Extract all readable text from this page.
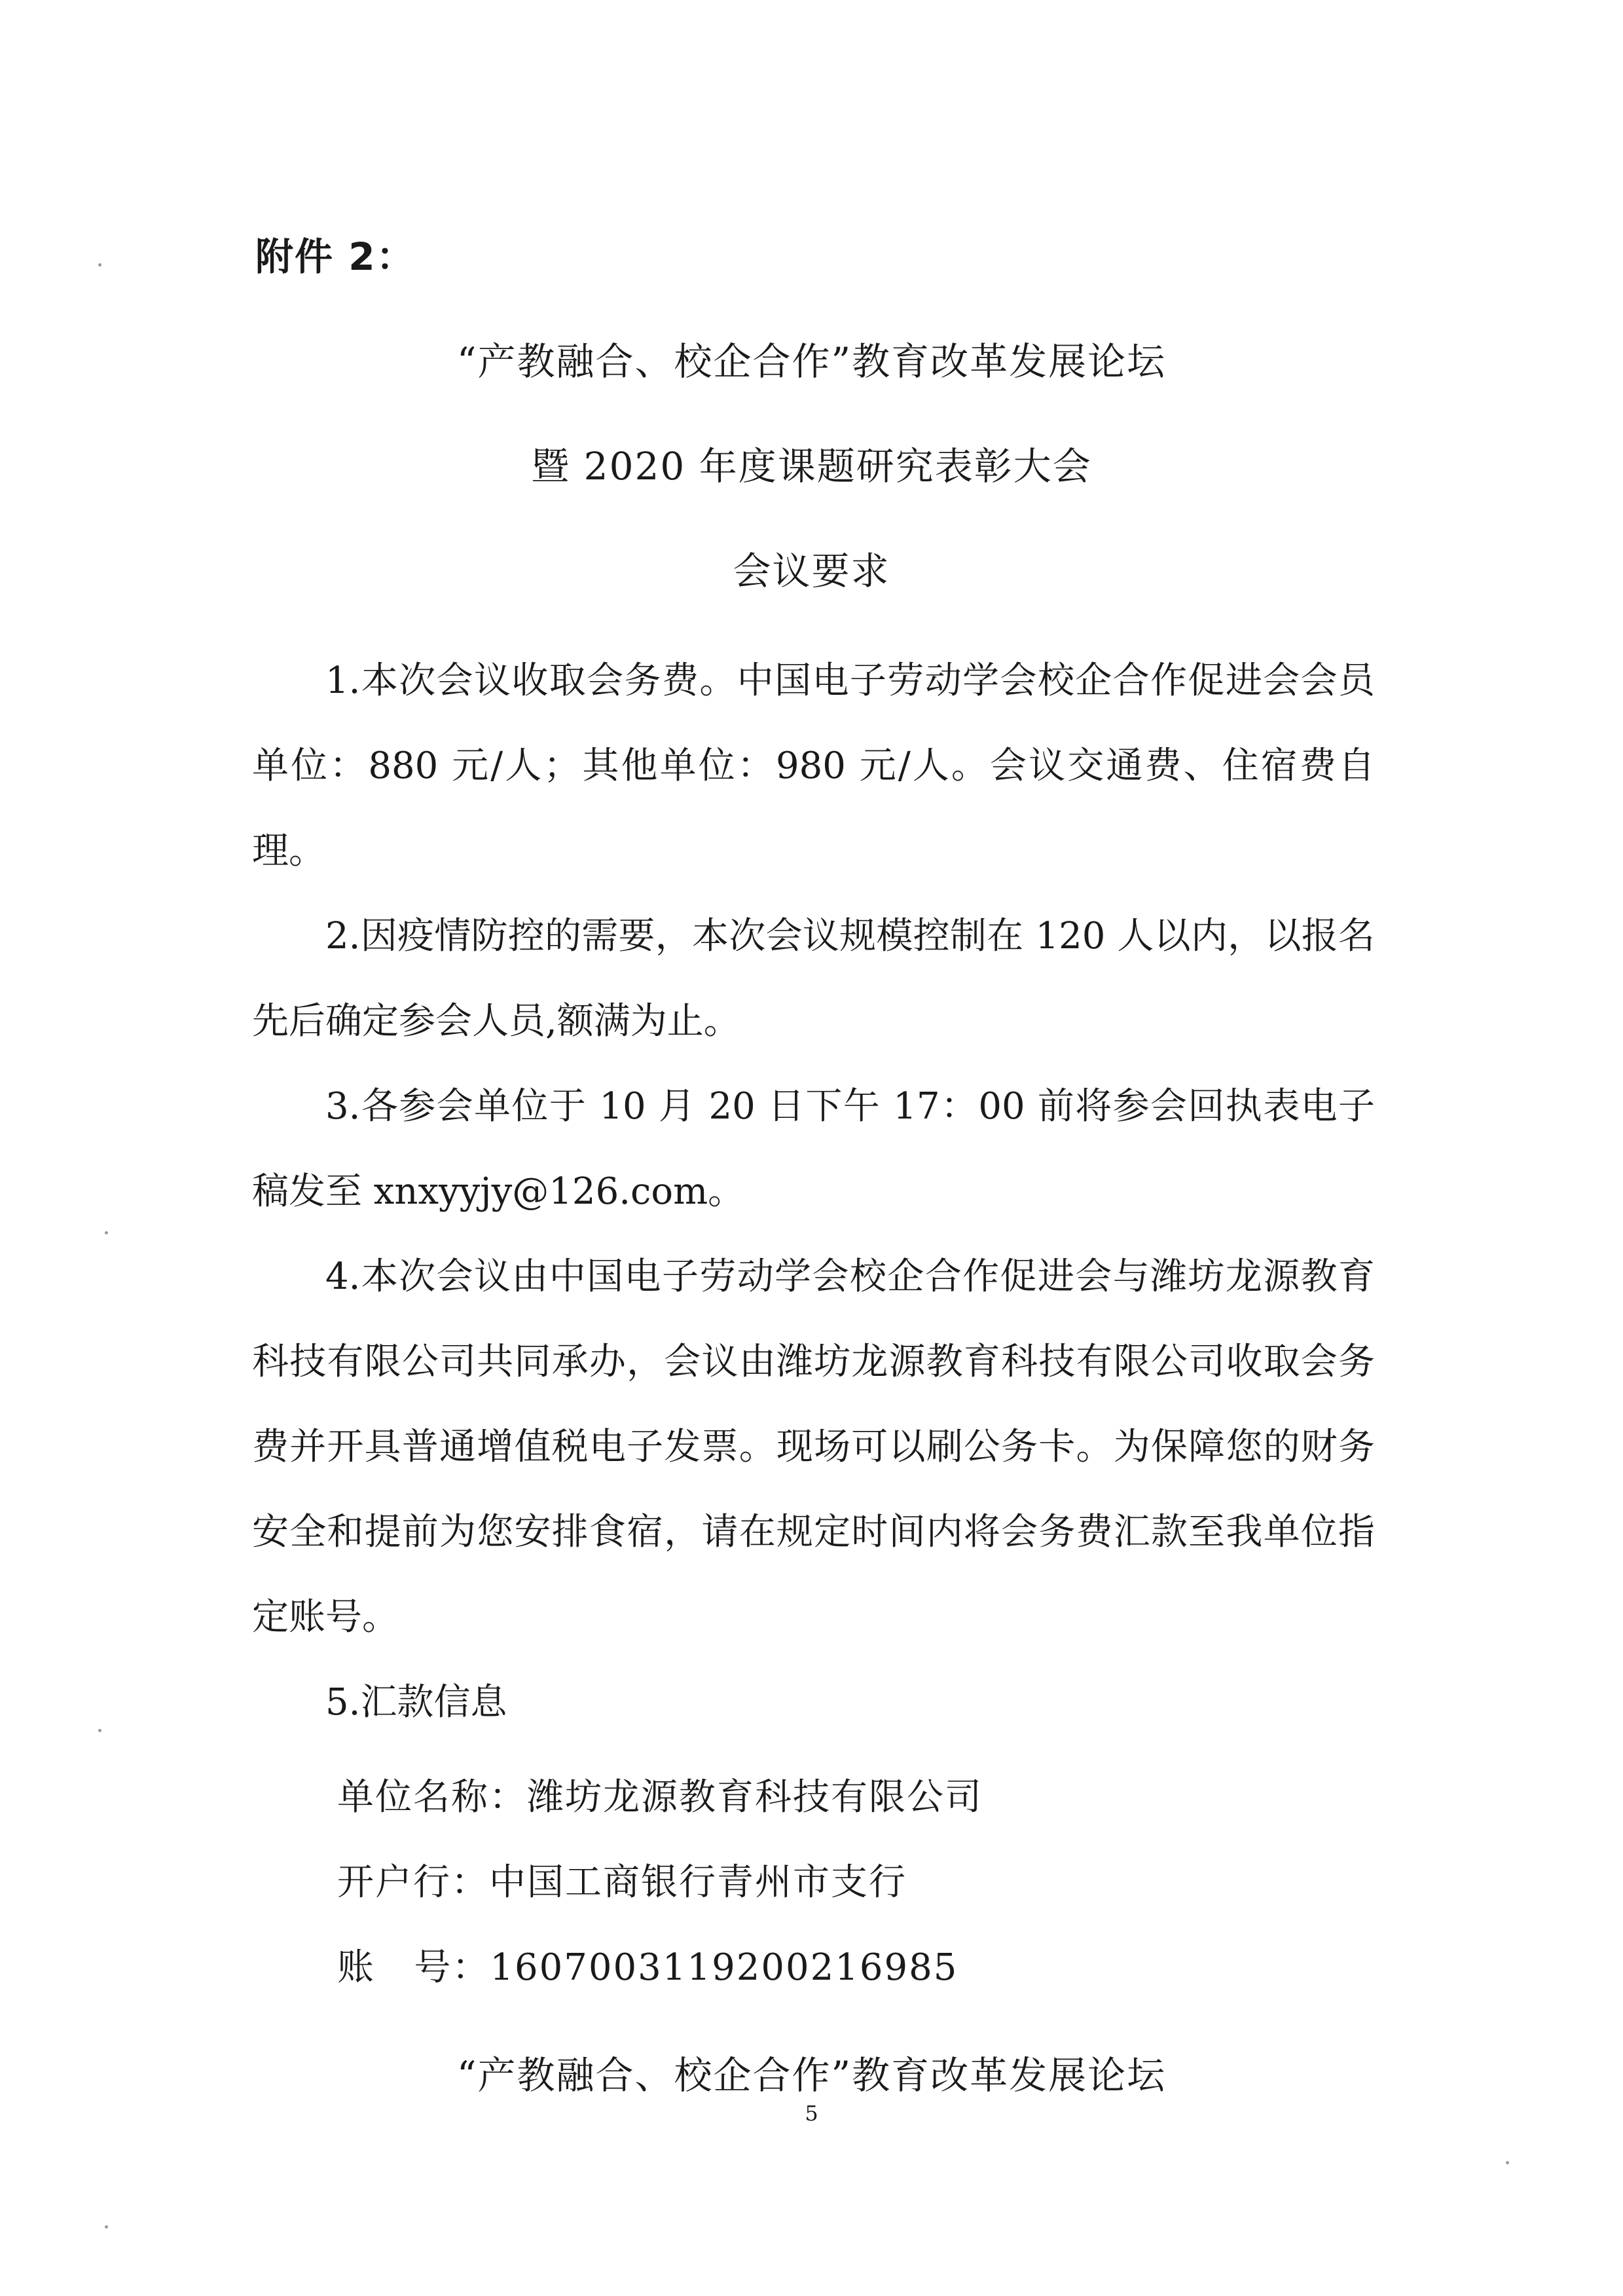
附件 2：
“产教融合、校企合作”教育改革发展论坛
暨 2020 年度课题研究表彰大会
会议要求

1.本次会议收取会务费。中国电子劳动学会校企合作促进会会员单位：880 元/人；其他单位：980 元/人。会议交通费、住宿费自理。

2.因疫情防控的需要，本次会议规模控制在 120 人以内，以报名先后确定参会人员,额满为止。

3.各参会单位于 10 月 20 日下午 17：00 前将参会回执表电子稿发至 xnxyyjy@126.com。

4.本次会议由中国电子劳动学会校企合作促进会与潍坊龙源教育科技有限公司共同承办，会议由潍坊龙源教育科技有限公司收取会务费并开具普通增值税电子发票。现场可以刷公务卡。为保障您的财务安全和提前为您安排食宿，请在规定时间内将会务费汇款至我单位指定账号。

5.汇款信息

单位名称：潍坊龙源教育科技有限公司
开户行：中国工商银行青州市支行
账   号：1607003119200216985
“产教融合、校企合作”教育改革发展论坛
5
